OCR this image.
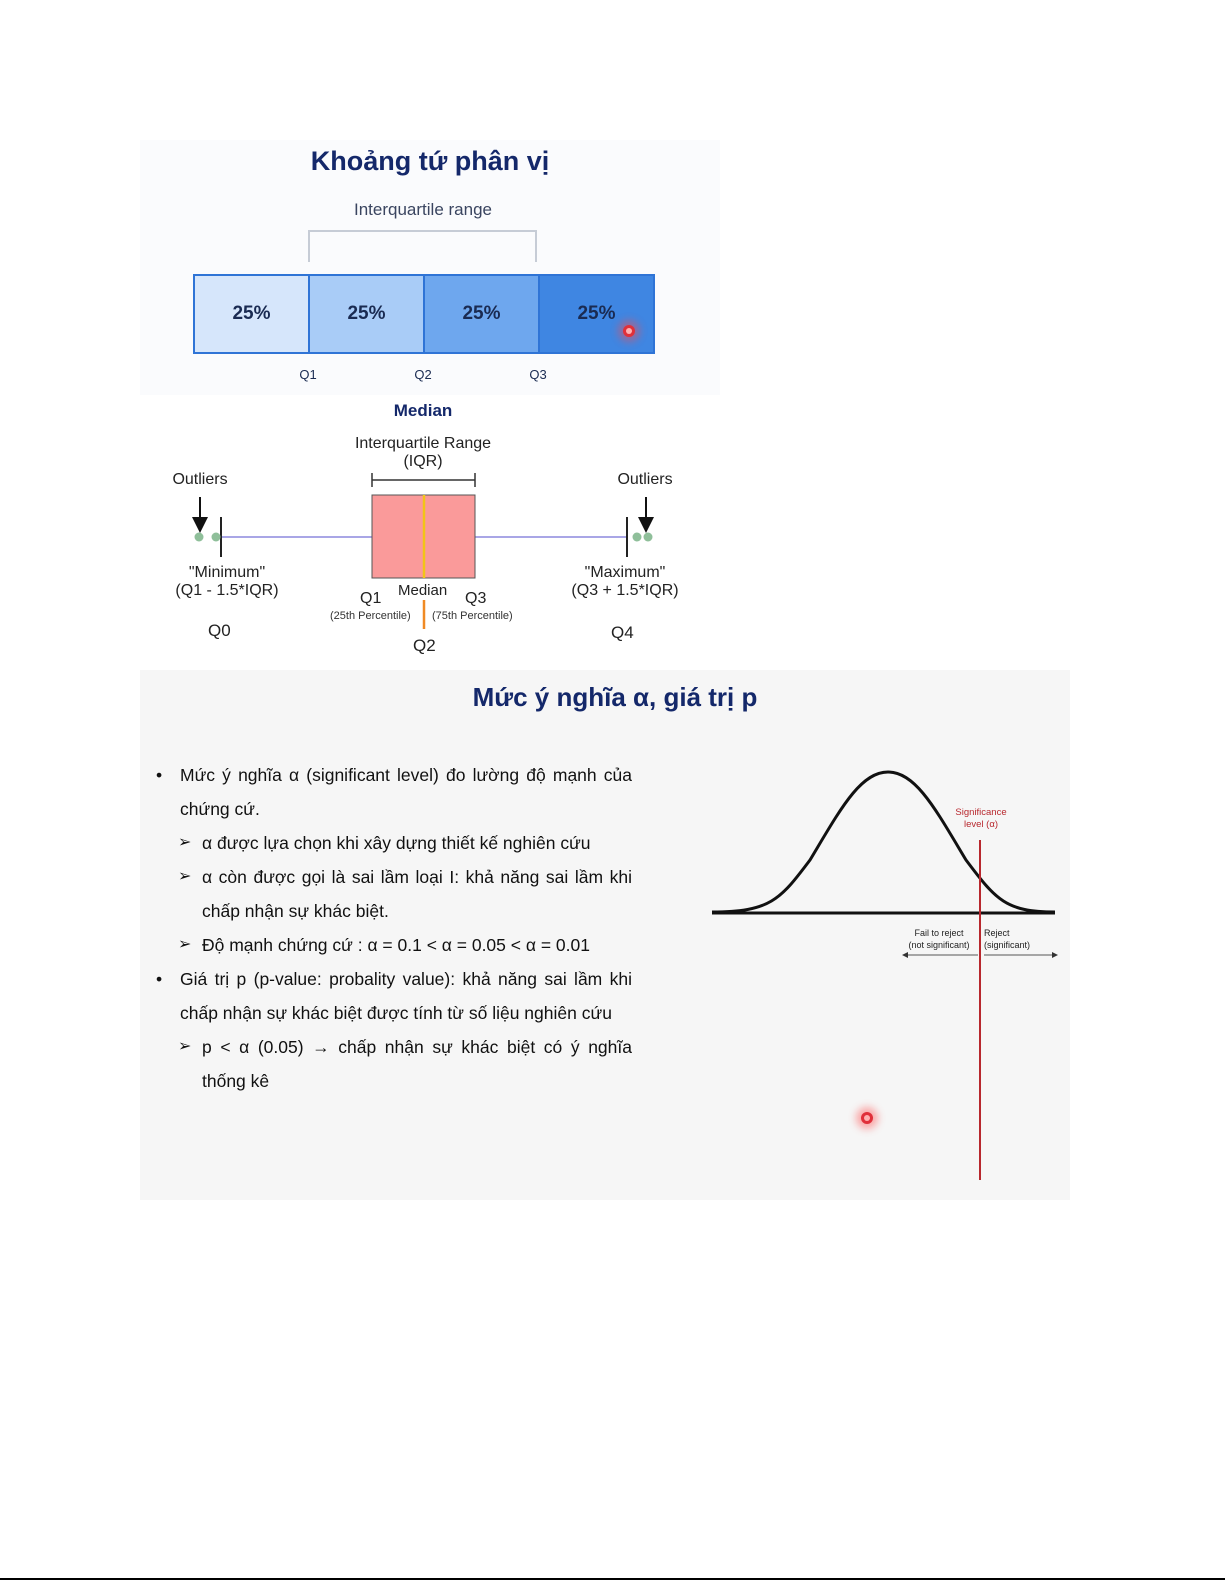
Khoảng tứ phân vị
Interquartile range
25%	25%	25%	25%
Q1	Q2	Q3
Median
Interquartile Range
(IQR)
Outliers	Outliers
"Minimum"
(Q1 - 1.5*IQR)
"Maximum"
(Q3 + 1.5*IQR)
Q1 Median Q3
(25th Percentile) (75th Percentile)
Q0
Q2
Q4
Mức ý nghĩa α, giá trị p
• Mức ý nghĩa α (significant level) đo lường độ mạnh của chứng cứ.
➢ α được lựa chọn khi xây dựng thiết kế nghiên cứu
➢ α còn được gọi là sai lầm loại I: khả năng sai lầm khi chấp nhận sự khác biệt.
➢ Độ mạnh chứng cứ : α = 0.1 < α = 0.05 < α = 0.01
• Giá trị p (p-value: probality value): khả năng sai lầm khi chấp nhận sự khác biệt được tính từ số liệu nghiên cứu
➢ p < α (0.05) → chấp nhận sự khác biệt có ý nghĩa thống kê
Significance
level (α)
Fail to reject
(not significant)
Reject
(significant)
